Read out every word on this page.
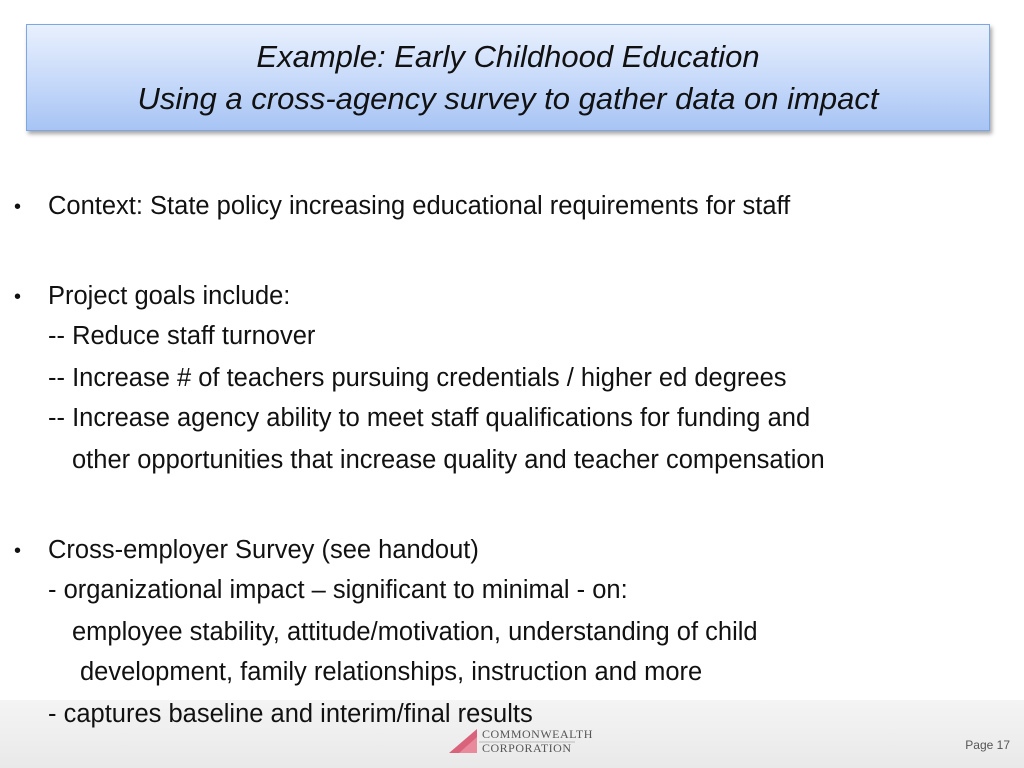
Example: Early Childhood Education
Using a cross-agency survey to gather data on impact
• Context: State policy increasing educational requirements for staff
• Project goals include:
-- Reduce staff turnover
-- Increase # of teachers pursuing credentials / higher ed degrees
-- Increase agency ability to meet staff qualifications for funding and
other opportunities that increase quality and teacher compensation
• Cross-employer Survey (see handout)
- organizational impact – significant to minimal - on:
employee stability, attitude/motivation, understanding of child
development, family relationships, instruction and more
- captures baseline and interim/final results
COMMONWEALTH
CORPORATION	Page 17
